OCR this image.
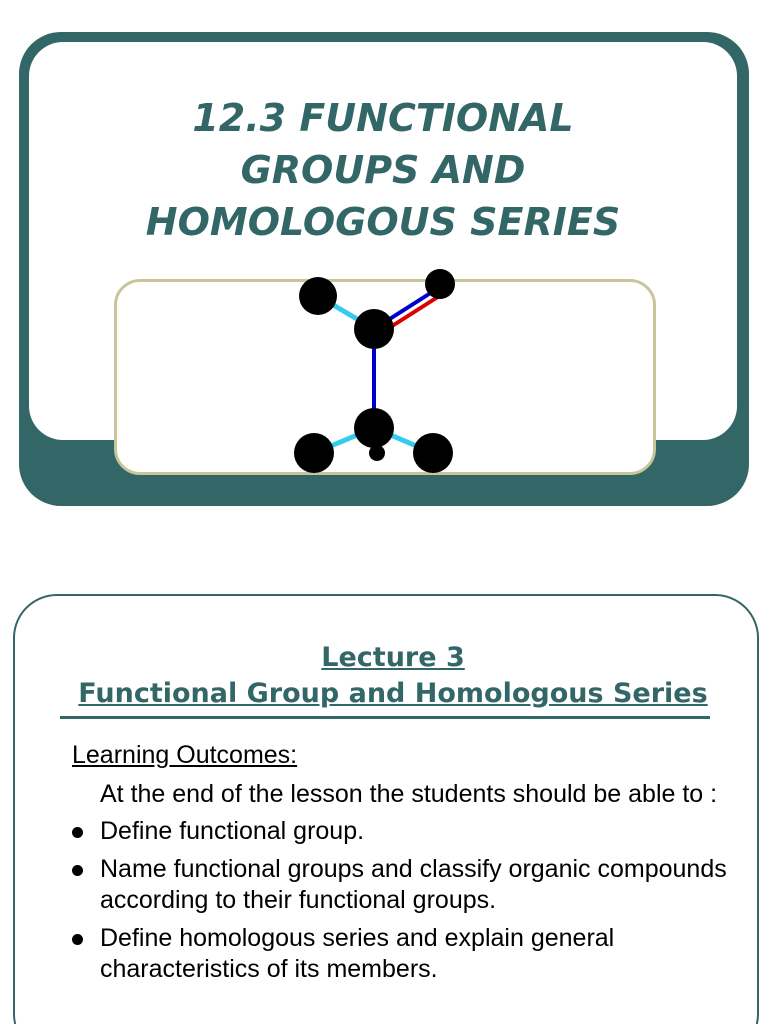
12.3 FUNCTIONAL
GROUPS AND
HOMOLOGOUS SERIES
Lecture 3
Functional Group and Homologous Series

Learning Outcomes:

At the end of the lesson the students should be able to :

Define functional group.
Name functional groups and classify organic compounds according to their functional groups.
Define homologous series and explain general characteristics of its members.
